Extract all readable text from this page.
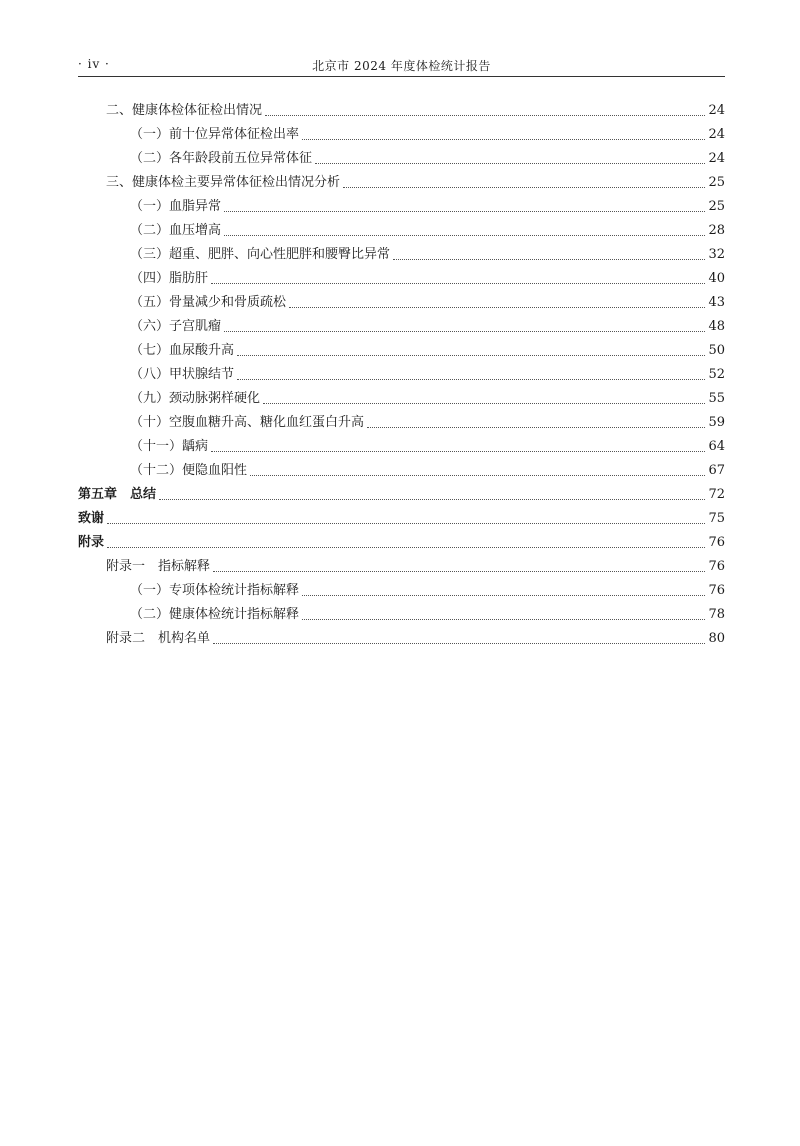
· iv ·	北京市 2024 年度体检统计报告
二、健康体检体征检出情况	24
（一）前十位异常体征检出率	24
（二）各年龄段前五位异常体征	24
三、健康体检主要异常体征检出情况分析	25
（一）血脂异常	25
（二）血压增高	28
（三）超重、肥胖、向心性肥胖和腰臀比异常	32
（四）脂肪肝	40
（五）骨量减少和骨质疏松	43
（六）子宫肌瘤	48
（七）血尿酸升高	50
（八）甲状腺结节	52
（九）颈动脉粥样硬化	55
（十）空腹血糖升高、糖化血红蛋白升高	59
（十一）龋病	64
（十二）便隐血阳性	67
第五章　总结	72
致谢	75
附录	76
附录一　指标解释	76
（一）专项体检统计指标解释	76
（二）健康体检统计指标解释	78
附录二　机构名单	80
